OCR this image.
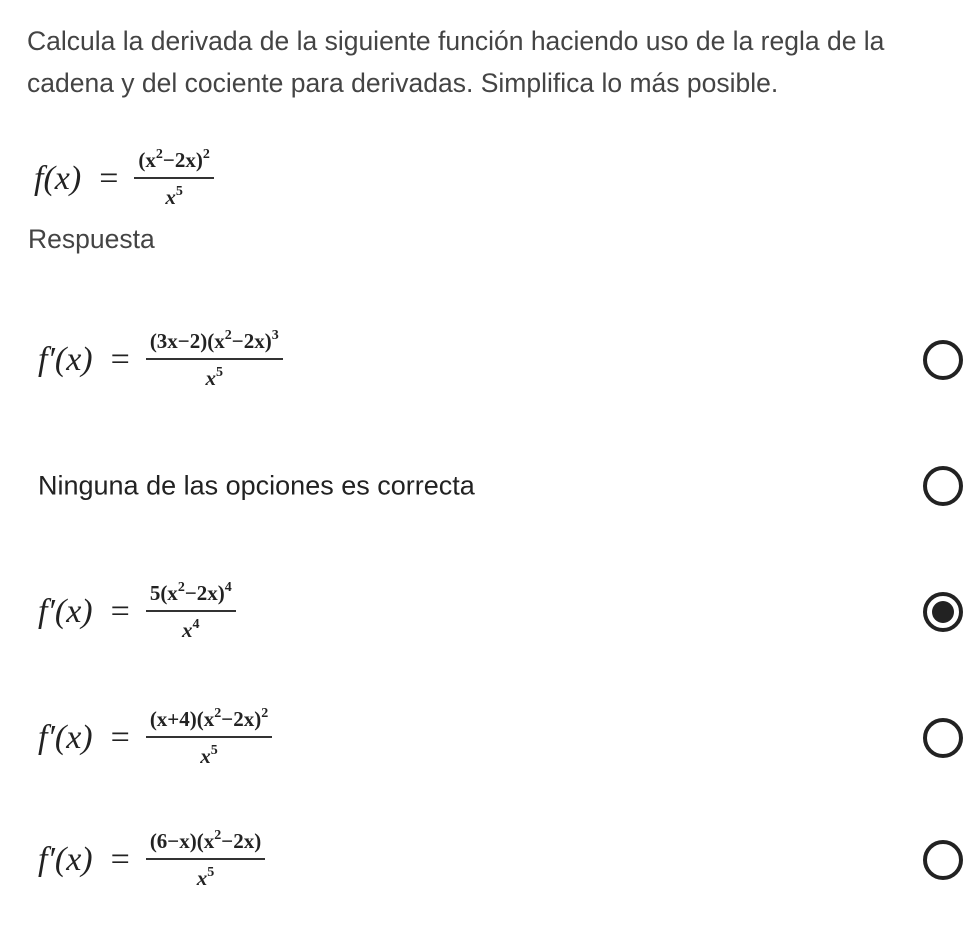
Calcula la derivada de la siguiente función haciendo uso de la regla de la cadena y del cociente para derivadas. Simplifica lo más posible.
$f(x) = \frac{(x^2-2x)^2}{x^5}$
Respuesta
$f'(x) = \frac{(3x-2)(x^2-2x)^3}{x^5}$
Ninguna de las opciones es correcta
$f'(x) = \frac{5(x^2-2x)^4}{x^4}$
$f'(x) = \frac{(x+4)(x^2-2x)^2}{x^5}$
$f'(x) = \frac{(6-x)(x^2-2x)}{x^5}$
